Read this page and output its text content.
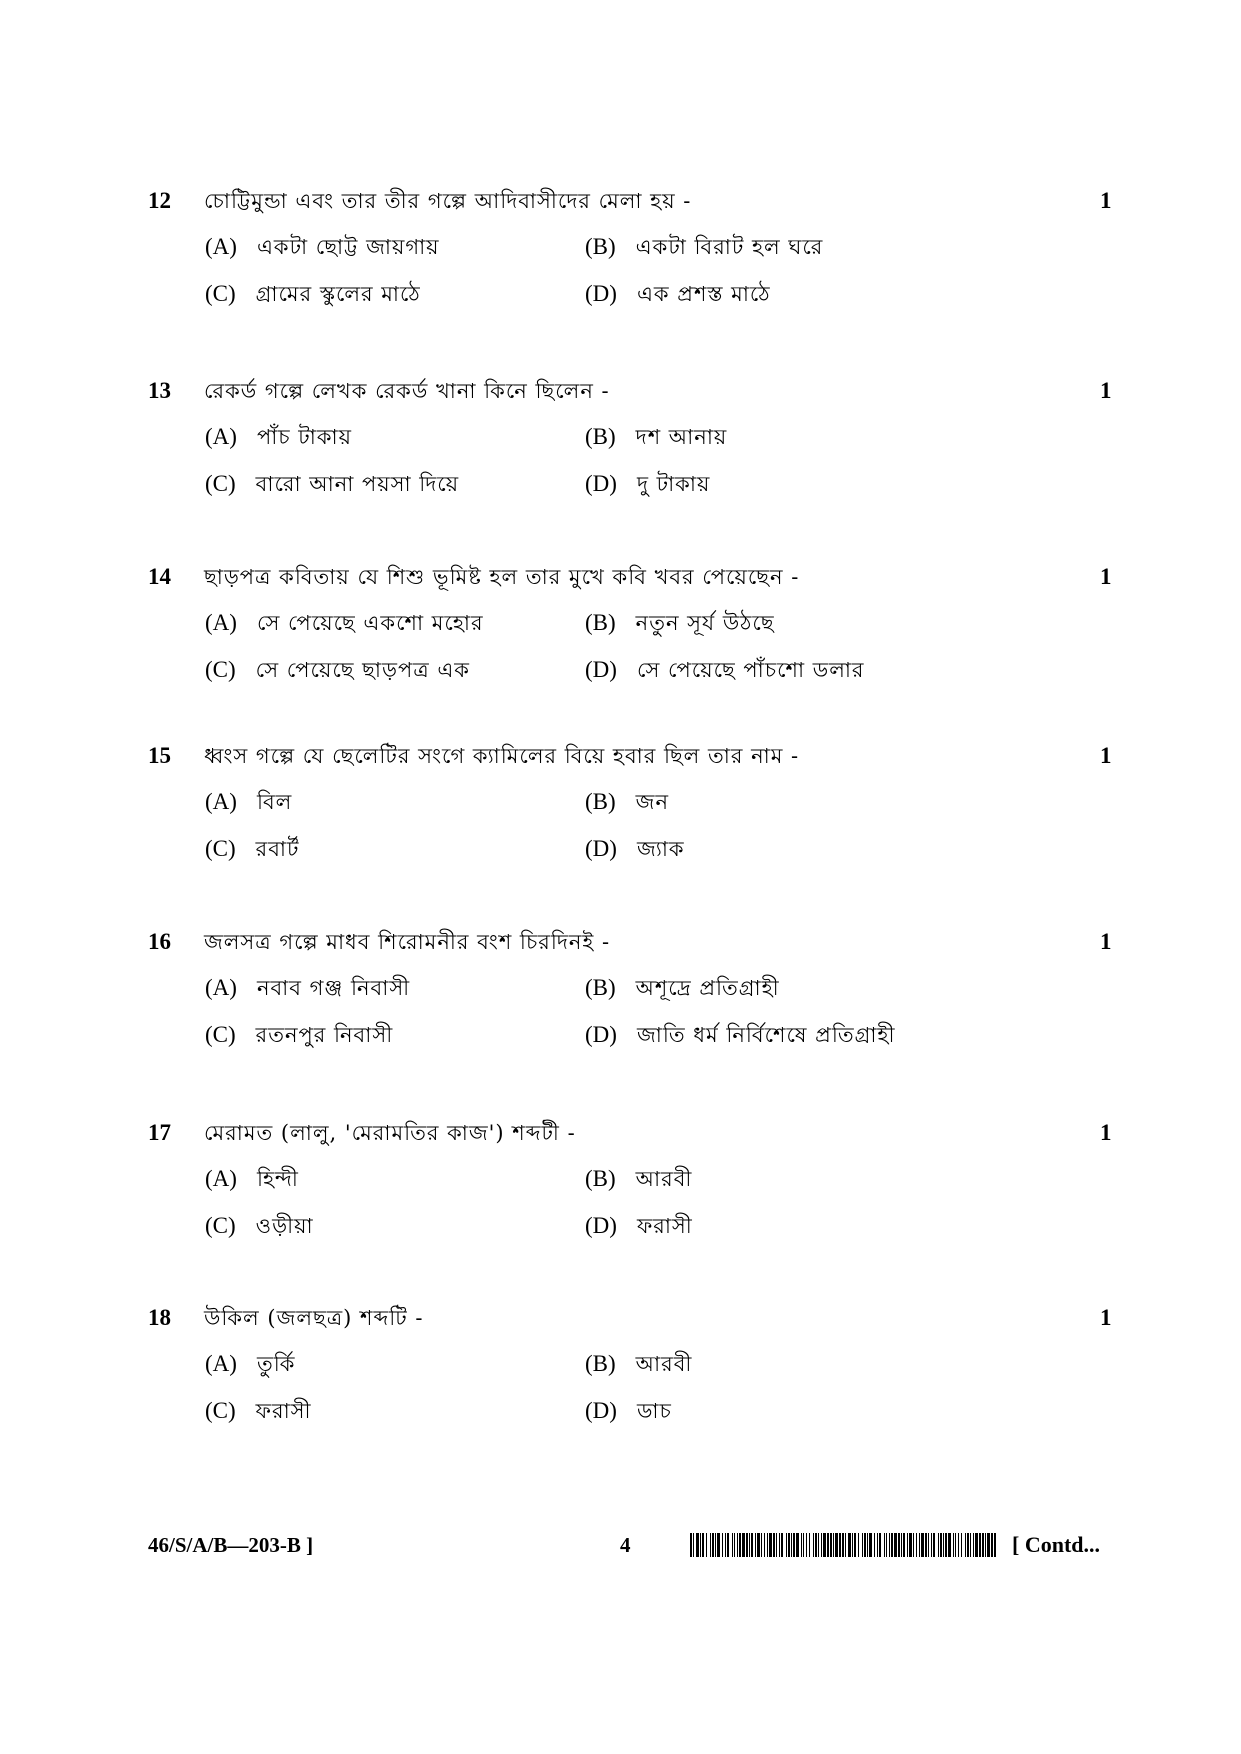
12 চোট্টিমুন্ডা এবং তার তীর গল্পে আদিবাসীদের মেলা হয় -	1
(A) একটা ছোট্ট জায়গায়	(B) একটা বিরাট হল ঘরে
(C) গ্রামের স্কুলের মাঠে	(D) এক প্রশস্ত মাঠে
13 রেকর্ড গল্পে লেখক রেকর্ড খানা কিনে ছিলেন -	1
(A) পাঁচ টাকায়	(B) দশ আনায়
(C) বারো আনা পয়সা দিয়ে	(D) দু টাকায়
14 ছাড়পত্র কবিতায় যে শিশু ভূমিষ্ট হল তার মুখে কবি খবর পেয়েছেন -	1
(A) সে পেয়েছে একশো মহোর	(B) নতুন সূর্য উঠছে
(C) সে পেয়েছে ছাড়পত্র এক	(D) সে পেয়েছে পাঁচশো ডলার
15 ধ্বংস গল্পে যে ছেলেটির সংগে ক্যামিলের বিয়ে হবার ছিল তার নাম -	1
(A) বিল	(B) জন
(C) রবার্ট	(D) জ্যাক
16 জলসত্র গল্পে মাধব শিরোমনীর বংশ চিরদিনই -	1
(A) নবাব গঞ্জ নিবাসী	(B) অশূদ্রে প্রতিগ্রাহী
(C) রতনপুর নিবাসী	(D) জাতি ধর্ম নির্বিশেষে প্রতিগ্রাহী
17 মেরামত (লালু, 'মেরামতির কাজ') শব্দটী -	1
(A) হিন্দী	(B) আরবী
(C) ওড়ীয়া	(D) ফরাসী
18 উকিল (জলছত্র) শব্দটি -	1
(A) তুর্কি	(B) আরবী
(C) ফরাসী	(D) ডাচ
46/S/A/B—203-B ]	4	[ Contd...
